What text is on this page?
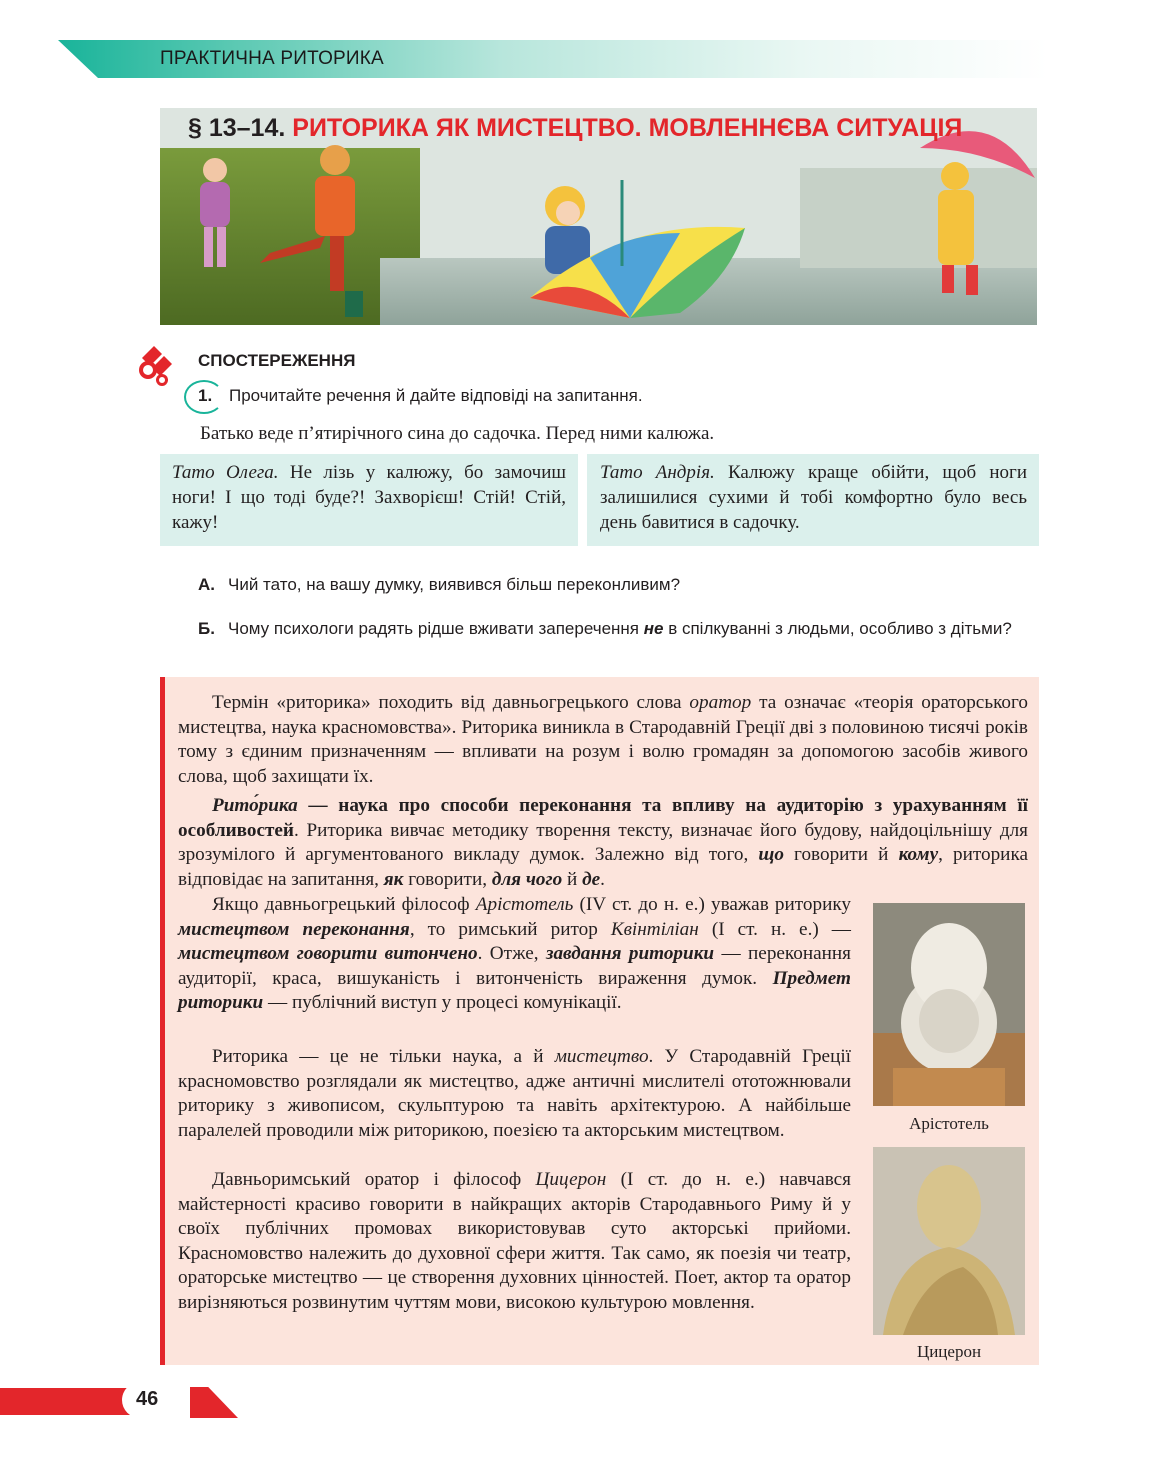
ПРАКТИЧНА РИТОРИКА
§ 13–14. РИТОРИКА ЯК МИСТЕЦТВО. МОВЛЕННЄВА СИТУАЦІЯ
СПОСТЕРЕЖЕННЯ
1. Прочитайте речення й дайте відповіді на запитання.
Батько веде п’ятирічного сина до садочка. Перед ними калюжа.
Тато Олега. Не лізь у калюжу, бо замочиш ноги! І що тоді буде?! Захворієш! Стій! Стій, кажу!
Тато Андрія. Калюжу краще обійти, щоб ноги залишилися сухими й тобі комфортно було весь день бавитися в садочку.
А. Чий тато, на вашу думку, виявився більш переконливим?
Б. Чому психологи радять рідше вживати заперечення не в спілкуванні з людьми, особливо з дітьми?

Термін «риторика» походить від давньогрецького слова оратор та означає «теорія ораторського мистецтва, наука красномовства». Риторика виникла в Стародавній Греції дві з половиною тисячі років тому з єдиним призначенням — впливати на розум і волю громадян за допомогою засобів живого слова, щоб захищати їх.

Рито́рика — наука про способи переконання та впливу на аудиторію з урахуванням її особливостей. Риторика вивчає методику творення тексту, визначає його будову, найдоцільнішу для зрозумілого й аргументованого викладу думок. Залежно від того, що говорити й кому, риторика відповідає на запитання, як говорити, для чого й де.

Якщо давньогрецький філософ Арістотель (IV ст. до н. е.) уважав риторику мистецтвом переконання, то римський ритор Квінтіліан (I ст. н. е.) — мистецтвом говорити витончено. Отже, завдання риторики — переконання аудиторії, краса, вишуканість і витонченість вираження думок. Предмет риторики — публічний виступ у процесі комунікації.

Риторика — це не тільки наука, а й мистецтво. У Стародавній Греції красномовство розглядали як мистецтво, адже античні мислителі ототожнювали риторику з живописом, скульптурою та навіть архітектурою. А найбільше паралелей проводили між риторикою, поезією та акторським мистецтвом.

Давньоримський оратор і філософ Цицерон (I ст. до н. е.) навчався майстерності красиво говорити в найкращих акторів Стародавнього Риму й у своїх публічних промовах використовував суто акторські прийоми. Красномовство належить до духовної сфери життя. Так само, як поезія чи театр, ораторське мистецтво — це створення духовних цінностей. Поет, актор та оратор вирізняються розвинутим чуттям мови, високою культурою мовлення.

Арістотель
Цицерон
46
